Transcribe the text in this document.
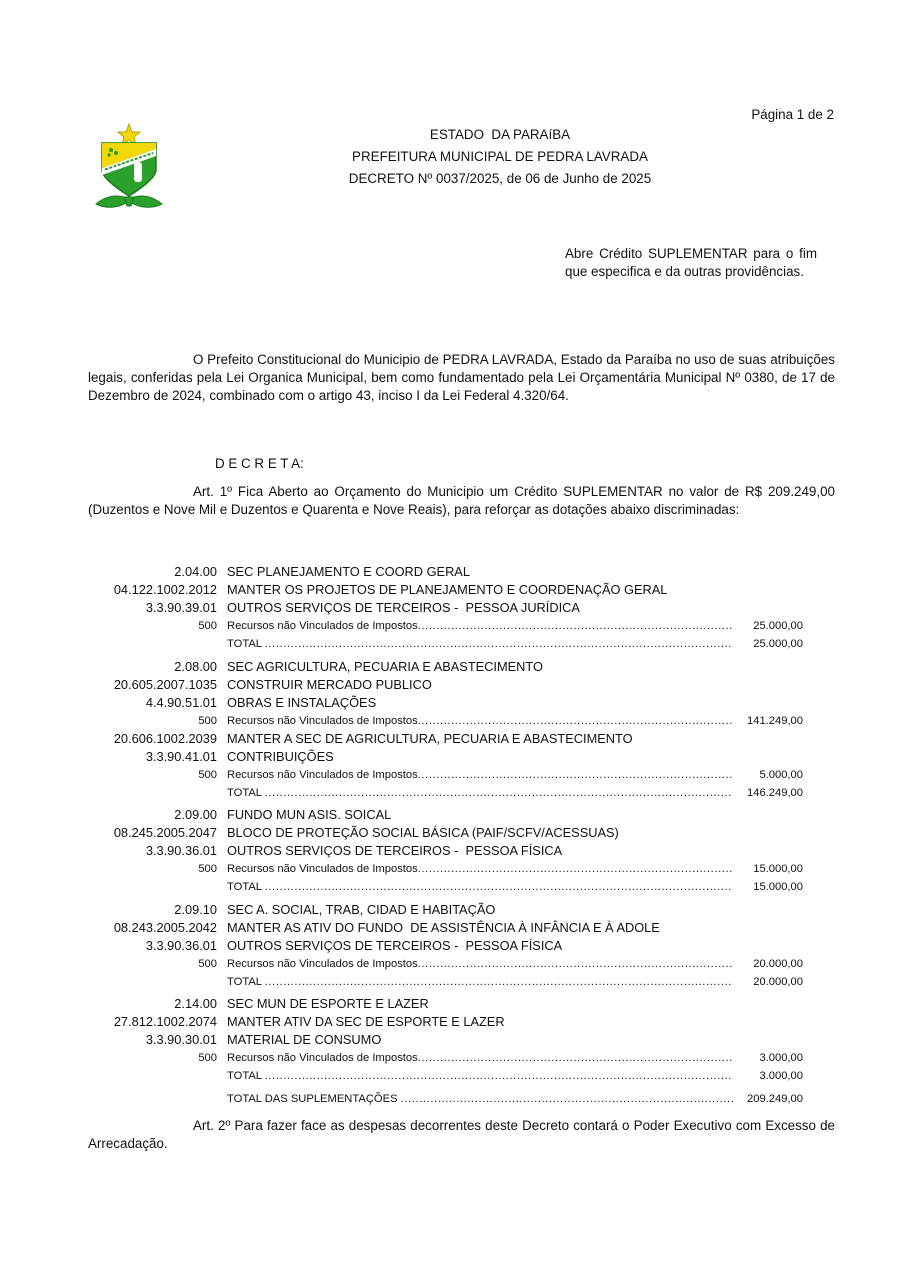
Página 1 de 2
ESTADO  DA PARAíBA
PREFEITURA MUNICIPAL DE PEDRA LAVRADA
DECRETO Nº 0037/2025, de 06 de Junho de 2025
Abre Crédito SUPLEMENTAR para o fim que especifica e da outras providências.
O Prefeito Constitucional do Municipio de PEDRA LAVRADA, Estado da Paraíba no uso de suas atribuições legais, conferidas pela Lei Organica Municipal, bem como fundamentado pela Lei Orçamentária Municipal Nº 0380, de 17 de Dezembro de 2024, combinado com o artigo 43, inciso I da Lei Federal 4.320/64.
D E C R E T A:
Art. 1º Fica Aberto ao Orçamento do Municipio um Crédito SUPLEMENTAR no valor de R$ 209.249,00 (Duzentos e Nove Mil e Duzentos e Quarenta e Nove Reais), para reforçar as dotações abaixo discriminadas:
2.04.00 SEC PLANEJAMENTO E COORD GERAL
04.122.1002.2012 MANTER OS PROJETOS DE PLANEJAMENTO E COORDENAÇÃO GERAL
3.3.90.39.01 OUTROS SERVIÇOS DE TERCEIROS -  PESSOA JURÍDICA
500 Recursos não Vinculados de Impostos .....	25.000,00
TOTAL .....	25.000,00
2.08.00 SEC AGRICULTURA, PECUARIA E ABASTECIMENTO
20.605.2007.1035 CONSTRUIR MERCADO PUBLICO
4.4.90.51.01 OBRAS E INSTALAÇÕES
500 Recursos não Vinculados de Impostos .....	141.249,00
20.606.1002.2039 MANTER A SEC DE AGRICULTURA, PECUARIA E ABASTECIMENTO
3.3.90.41.01 CONTRIBUIÇÕES
500 Recursos não Vinculados de Impostos .....	5.000,00
TOTAL .....	146.249,00
2.09.00 FUNDO MUN ASIS. SOICAL
08.245.2005.2047 BLOCO DE PROTEÇÃO SOCIAL BÁSICA (PAIF/SCFV/ACESSUAS)
3.3.90.36.01 OUTROS SERVIÇOS DE TERCEIROS -  PESSOA FÍSICA
500 Recursos não Vinculados de Impostos .....	15.000,00
TOTAL .....	15.000,00
2.09.10 SEC A. SOCIAL, TRAB, CIDAD E HABITAÇÃO
08.243.2005.2042 MANTER AS ATIV DO FUNDO  DE ASSISTÊNCIA À INFÂNCIA E À ADOLE
3.3.90.36.01 OUTROS SERVIÇOS DE TERCEIROS -  PESSOA FÍSICA
500 Recursos não Vinculados de Impostos .....	20.000,00
TOTAL .....	20.000,00
2.14.00 SEC MUN DE ESPORTE E LAZER
27.812.1002.2074 MANTER ATIV DA SEC DE ESPORTE E LAZER
3.3.90.30.01 MATERIAL DE CONSUMO
500 Recursos não Vinculados de Impostos .....	3.000,00
TOTAL .....	3.000,00
TOTAL DAS SUPLEMENTAÇÕES .....	209.249,00
Art. 2º Para fazer face as despesas decorrentes deste Decreto contará o Poder Executivo com Excesso de Arrecadação.
